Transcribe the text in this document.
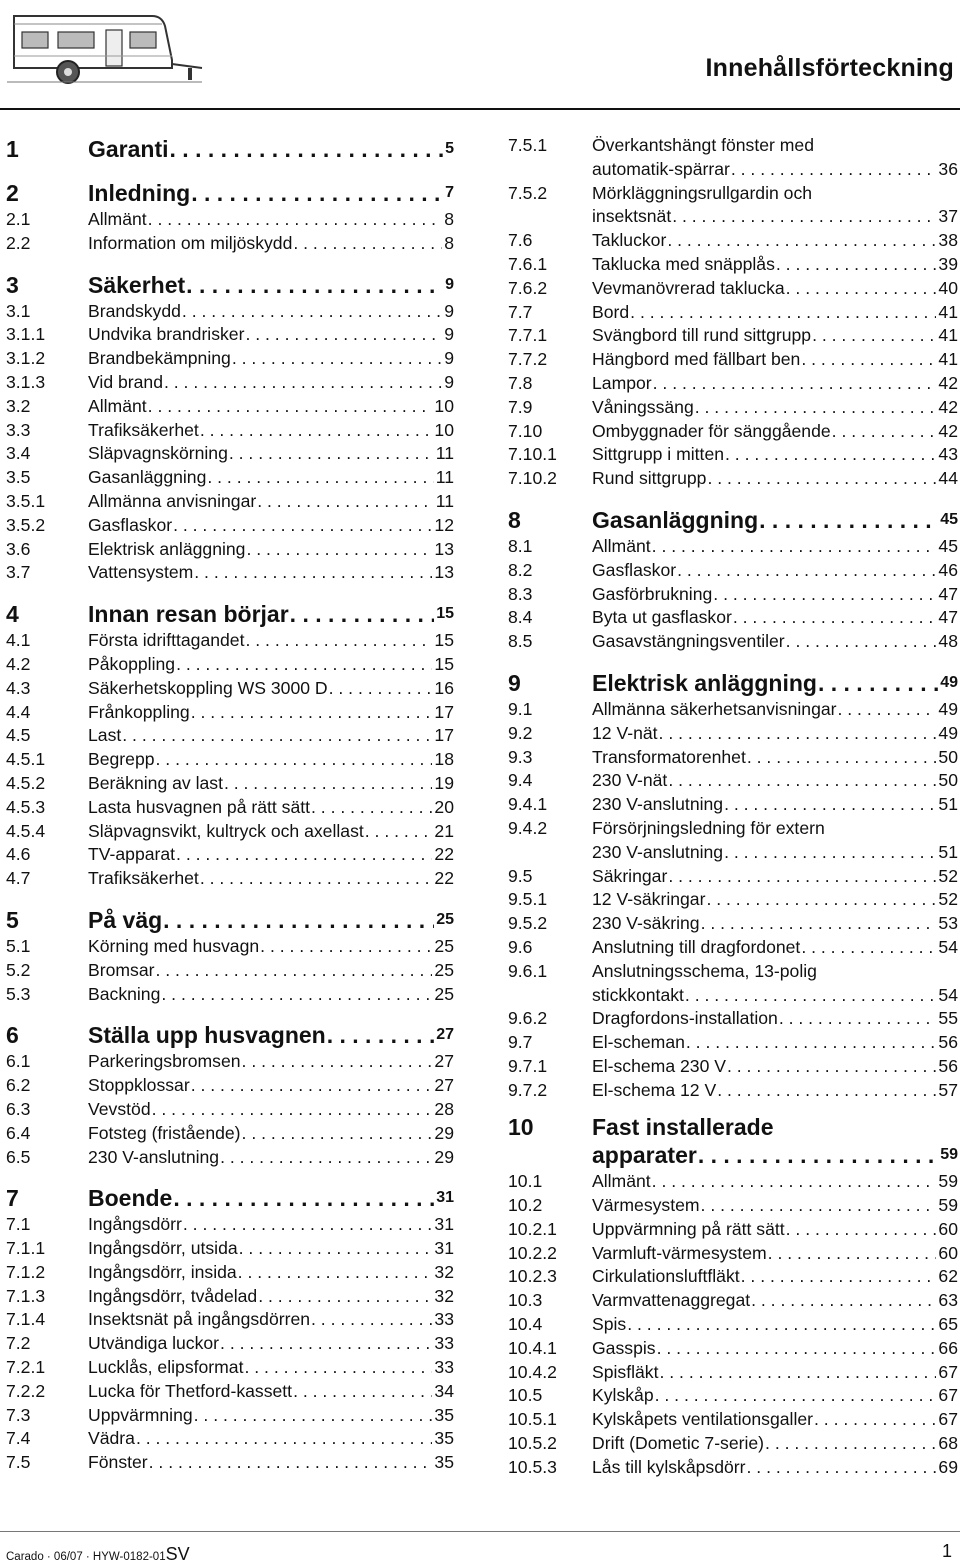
Innehållsförteckning
1	Garanti . . .	5
2	Inledning . . .	7
2.1	Allmänt . . .	8
2.2	Information om miljöskydd . . .	8
3	Säkerhet . . .	9
3.1	Brandskydd . . .	9
3.1.1	Undvika brandrisker . . .	9
3.1.2	Brandbekämpning . . .	9
3.1.3	Vid brand . . .	9
3.2	Allmänt . . .	10
3.3	Trafiksäkerhet . . .	10
3.4	Släpvagnskörning . . .	11
3.5	Gasanläggning . . .	11
3.5.1	Allmänna anvisningar . . .	11
3.5.2	Gasflaskor . . .	12
3.6	Elektrisk anläggning . . .	13
3.7	Vattensystem . . .	13
4	Innan resan börjar . . .	15
4.1	Första idrifttagandet . . .	15
4.2	Påkoppling . . .	15
4.3	Säkerhetskoppling WS 3000 D . . .	16
4.4	Frånkoppling . . .	17
4.5	Last . . .	17
4.5.1	Begrepp . . .	18
4.5.2	Beräkning av last . . .	19
4.5.3	Lasta husvagnen på rätt sätt . . .	20
4.5.4	Släpvagnsvikt, kultryck och axellast . . .	21
4.6	TV-apparat . . .	22
4.7	Trafiksäkerhet . . .	22
5	På väg . . .	25
5.1	Körning med husvagn . . .	25
5.2	Bromsar . . .	25
5.3	Backning . . .	25
6	Ställa upp husvagnen . . .	27
6.1	Parkeringsbromsen . . .	27
6.2	Stoppklossar . . .	27
6.3	Vevstöd . . .	28
6.4	Fotsteg (fristående) . . .	29
6.5	230 V-anslutning . . .	29
7	Boende . . .	31
7.1	Ingångsdörr . . .	31
7.1.1	Ingångsdörr, utsida . . .	31
7.1.2	Ingångsdörr, insida . . .	32
7.1.3	Ingångsdörr, tvådelad . . .	32
7.1.4	Insektsnät på ingångsdörren . . .	33
7.2	Utvändiga luckor . . .	33
7.2.1	Lucklås, elipsformat . . .	33
7.2.2	Lucka för Thetford-kassett . . .	34
7.3	Uppvärmning . . .	35
7.4	Vädra . . .	35
7.5	Fönster . . .	35
7.5.1	Överkantshängt fönster med
automatik-spärrar . . .	36
7.5.2	Mörkläggningsrullgardin och
insektsnät . . .	37
7.6	Takluckor . . .	38
7.6.1	Taklucka med snäpplås . . .	39
7.6.2	Vevmanövrerad taklucka . . .	40
7.7	Bord . . .	41
7.7.1	Svängbord till rund sittgrupp . . .	41
7.7.2	Hängbord med fällbart ben . . .	41
7.8	Lampor . . .	42
7.9	Våningssäng . . .	42
7.10	Ombyggnader för sänggående . . .	42
7.10.1	Sittgrupp i mitten . . .	43
7.10.2	Rund sittgrupp . . .	44
8	Gasanläggning . . .	45
8.1	Allmänt . . .	45
8.2	Gasflaskor . . .	46
8.3	Gasförbrukning . . .	47
8.4	Byta ut gasflaskor . . .	47
8.5	Gasavstängningsventiler . . .	48
9	Elektrisk anläggning . . .	49
9.1	Allmänna säkerhetsanvisningar . . .	49
9.2	12 V-nät . . .	49
9.3	Transformatorenhet . . .	50
9.4	230 V-nät . . .	50
9.4.1	230 V-anslutning . . .	51
9.4.2	Försörjningsledning för extern
230 V-anslutning . . .	51
9.5	Säkringar . . .	52
9.5.1	12 V-säkringar . . .	52
9.5.2	230 V-säkring . . .	53
9.6	Anslutning till dragfordonet . . .	54
9.6.1	Anslutningsschema, 13-polig
stickkontakt . . .	54
9.6.2	Dragfordons-installation . . .	55
9.7	El-scheman . . .	56
9.7.1	El-schema 230 V . . .	56
9.7.2	El-schema 12 V . . .	57
10	Fast installerade
apparater . . .	59
10.1	Allmänt . . .	59
10.2	Värmesystem . . .	59
10.2.1	Uppvärmning på rätt sätt . . .	60
10.2.2	Varmluft-värmesystem . . .	60
10.2.3	Cirkulationsluftfläkt . . .	62
10.3	Varmvattenaggregat . . .	63
10.4	Spis . . .	65
10.4.1	Gasspis . . .	66
10.4.2	Spisfläkt . . .	67
10.5	Kylskåp . . .	67
10.5.1	Kylskåpets ventilationsgaller . . .	67
10.5.2	Drift (Dometic 7-serie) . . .	68
10.5.3	Lås till kylskåpsdörr . . .	69
Carado · 06/07 · HYW-0182-01SV	1
